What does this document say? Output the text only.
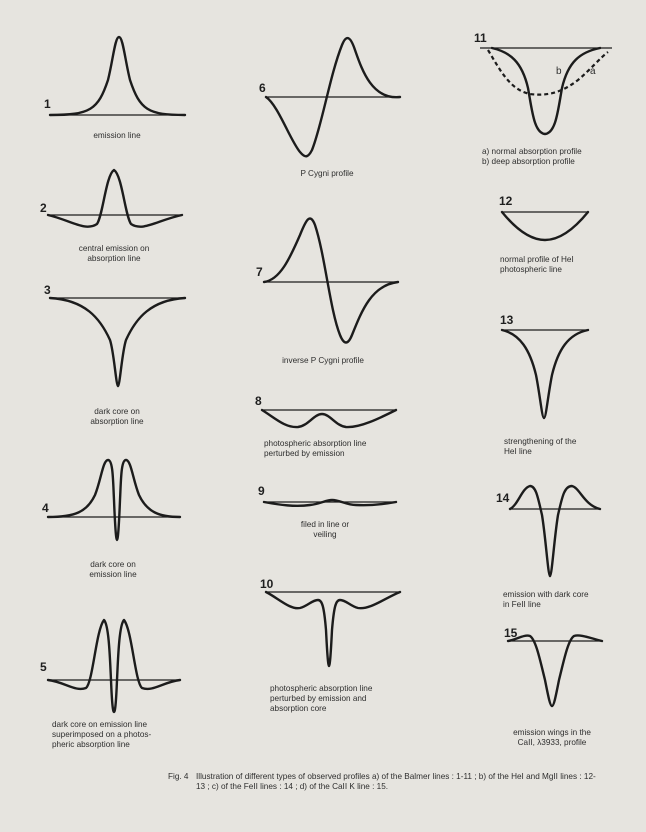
1
emission line
2
central emission on
absorption line
3
dark core on
absorption line
4
dark core on
emission line
5
dark core on emission line
superimposed on a photos-
pheric absorption line
6
P Cygni profile
7
inverse P Cygni profile
8
photospheric absorption line
perturbed by emission
9
filed in line or
veiling
10
photospheric absorption line
perturbed by emission and
absorption core
11
b	a
a) normal absorption profile
b) deep absorption profile
12
normal profile of HeI
photospheric line
13
strengthening of the
HeI line
14
emission with dark core
in FeII line
15
emission wings in the
CaII, λ3933, profile
Fig. 4 Illustration of different types of observed profiles a) of the Balmer lines : 1-11 ; b) of the HeI and MgII lines : 12-13 ; c) of the FeII lines : 14 ; d) of the CaII K line : 15.
